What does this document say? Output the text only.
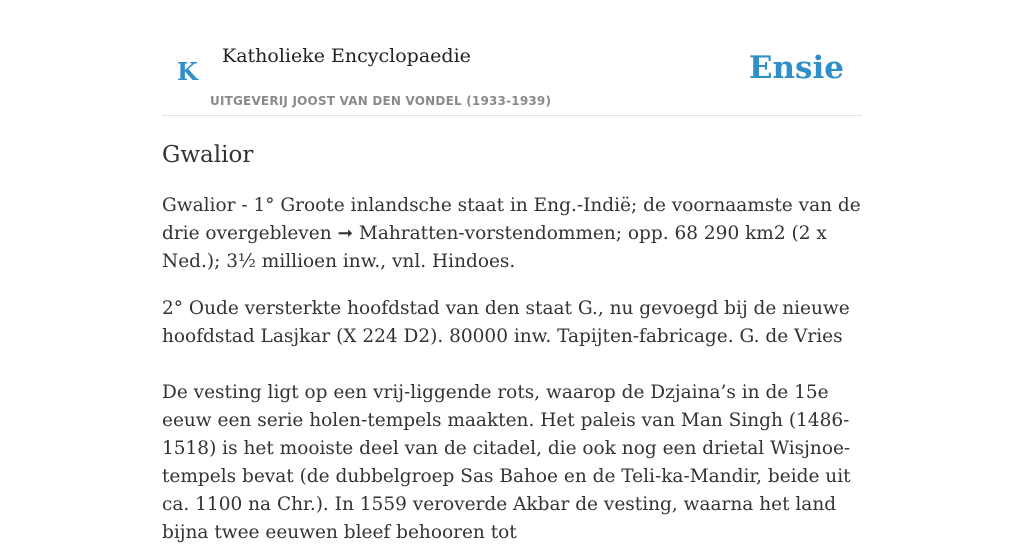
K
Katholieke Encyclopaedie
UITGEVERIJ JOOST VAN DEN VONDEL (1933-1939)
Ensie
Gwalior

Gwalior - 1° Groote inlandsche staat in Eng.-Indië; de voornaamste van de drie overgebleven ➞ Mahratten-vorstendommen; opp. 68 290 km2 (2 x Ned.); 3½ millioen inw., vnl. Hindoes.

2° Oude versterkte hoofdstad van den staat G., nu gevoegd bij de nieuwe hoofdstad Lasjkar (X 224 D2). 80000 inw. Tapijten-fabricage. G. de Vries

De vesting ligt op een vrij-liggende rots, waarop de Dzjaina’s in de 15e eeuw een serie holen-tempels maakten. Het paleis van Man Singh (1486-1518) is het mooiste deel van de citadel, die ook nog een drietal Wisjnoe-tempels bevat (de dubbelgroep Sas Bahoe en de Teli-ka-Mandir, beide uit ca. 1100 na Chr.). In 1559 veroverde Akbar de vesting, waarna het land bijna twee eeuwen bleef behooren tot
